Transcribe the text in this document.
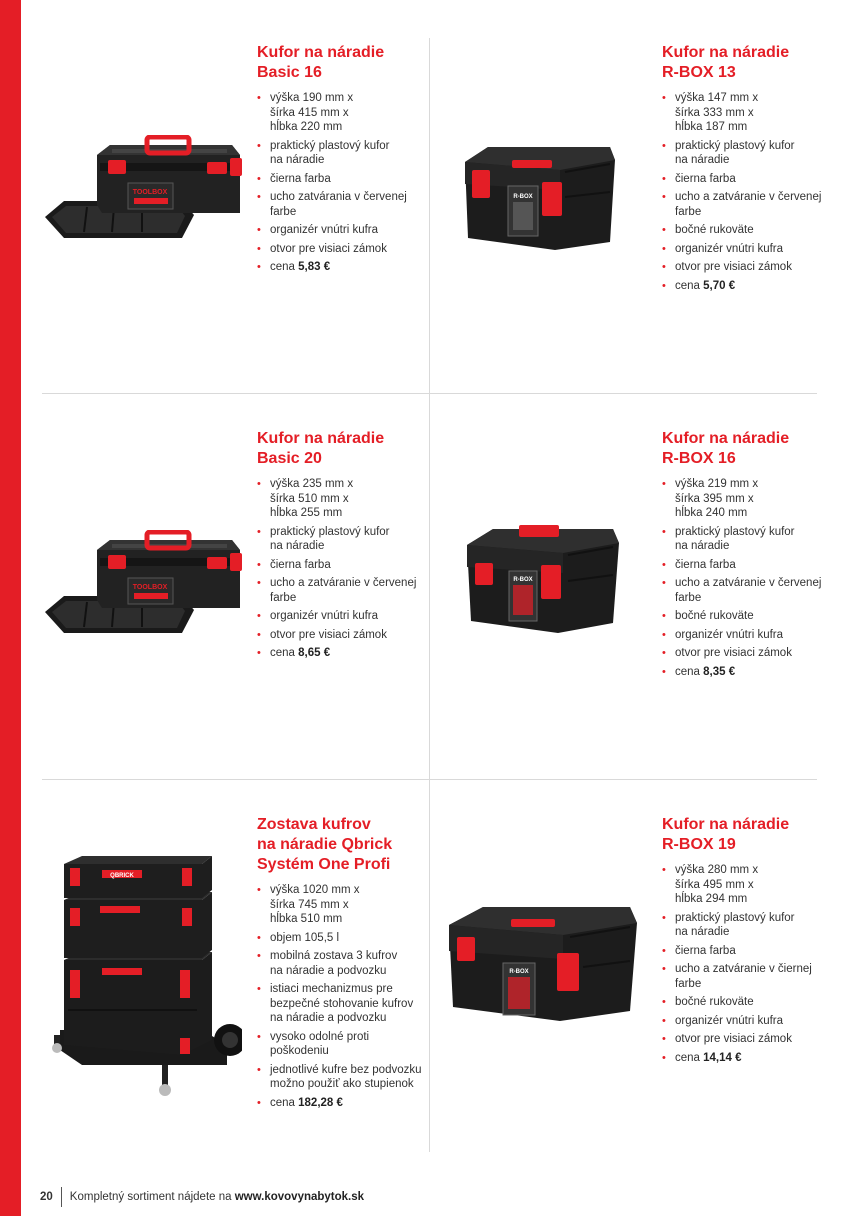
TOOLBOX
R-BOX
TOOLBOX
R-BOX
QBRICK
R-BOX
Kufor na náradie
Basic 16
• výška 190 mm x
šírka 415 mm x
hĺbka 220 mm
• praktický plastový kufor
na náradie
• čierna farba
• ucho zatvárania v červenej
farbe
• organizér vnútri kufra
• otvor pre visiaci zámok
• cena 5,83 €
Kufor na náradie
R-BOX 13
• výška 147 mm x
šírka 333 mm x
hĺbka 187 mm
• praktický plastový kufor
na náradie
• čierna farba
• ucho a zatváranie v červenej
farbe
• bočné rukoväte
• organizér vnútri kufra
• otvor pre visiaci zámok
• cena 5,70 €
Kufor na náradie
Basic 20
• výška 235 mm x
šírka 510 mm x
hĺbka 255 mm
• praktický plastový kufor
na náradie
• čierna farba
• ucho a zatváranie v červenej
farbe
• organizér vnútri kufra
• otvor pre visiaci zámok
• cena 8,65 €
Kufor na náradie
R-BOX 16
• výška 219 mm x
šírka 395 mm x
hĺbka 240 mm
• praktický plastový kufor
na náradie
• čierna farba
• ucho a zatváranie v červenej
farbe
• bočné rukoväte
• organizér vnútri kufra
• otvor pre visiaci zámok
• cena 8,35 €
Zostava kufrov
na náradie Qbrick
Systém One Profi
• výška 1020 mm x
šírka 745 mm x
hĺbka 510 mm
• objem 105,5 l
• mobilná zostava 3 kufrov
na náradie a podvozku
• istiaci mechanizmus pre
bezpečné stohovanie kufrov
na náradie a podvozku
• vysoko odolné proti
poškodeniu
• jednotlivé kufre bez podvozku
možno použiť ako stupienok
• cena 182,28 €
Kufor na náradie
R-BOX 19
• výška 280 mm x
šírka 495 mm x
hĺbka 294 mm
• praktický plastový kufor
na náradie
• čierna farba
• ucho a zatváranie v čiernej
farbe
• bočné rukoväte
• organizér vnútri kufra
• otvor pre visiaci zámok
• cena 14,14 €
20 Kompletný sortiment nájdete na www.kovovynabytok.sk
